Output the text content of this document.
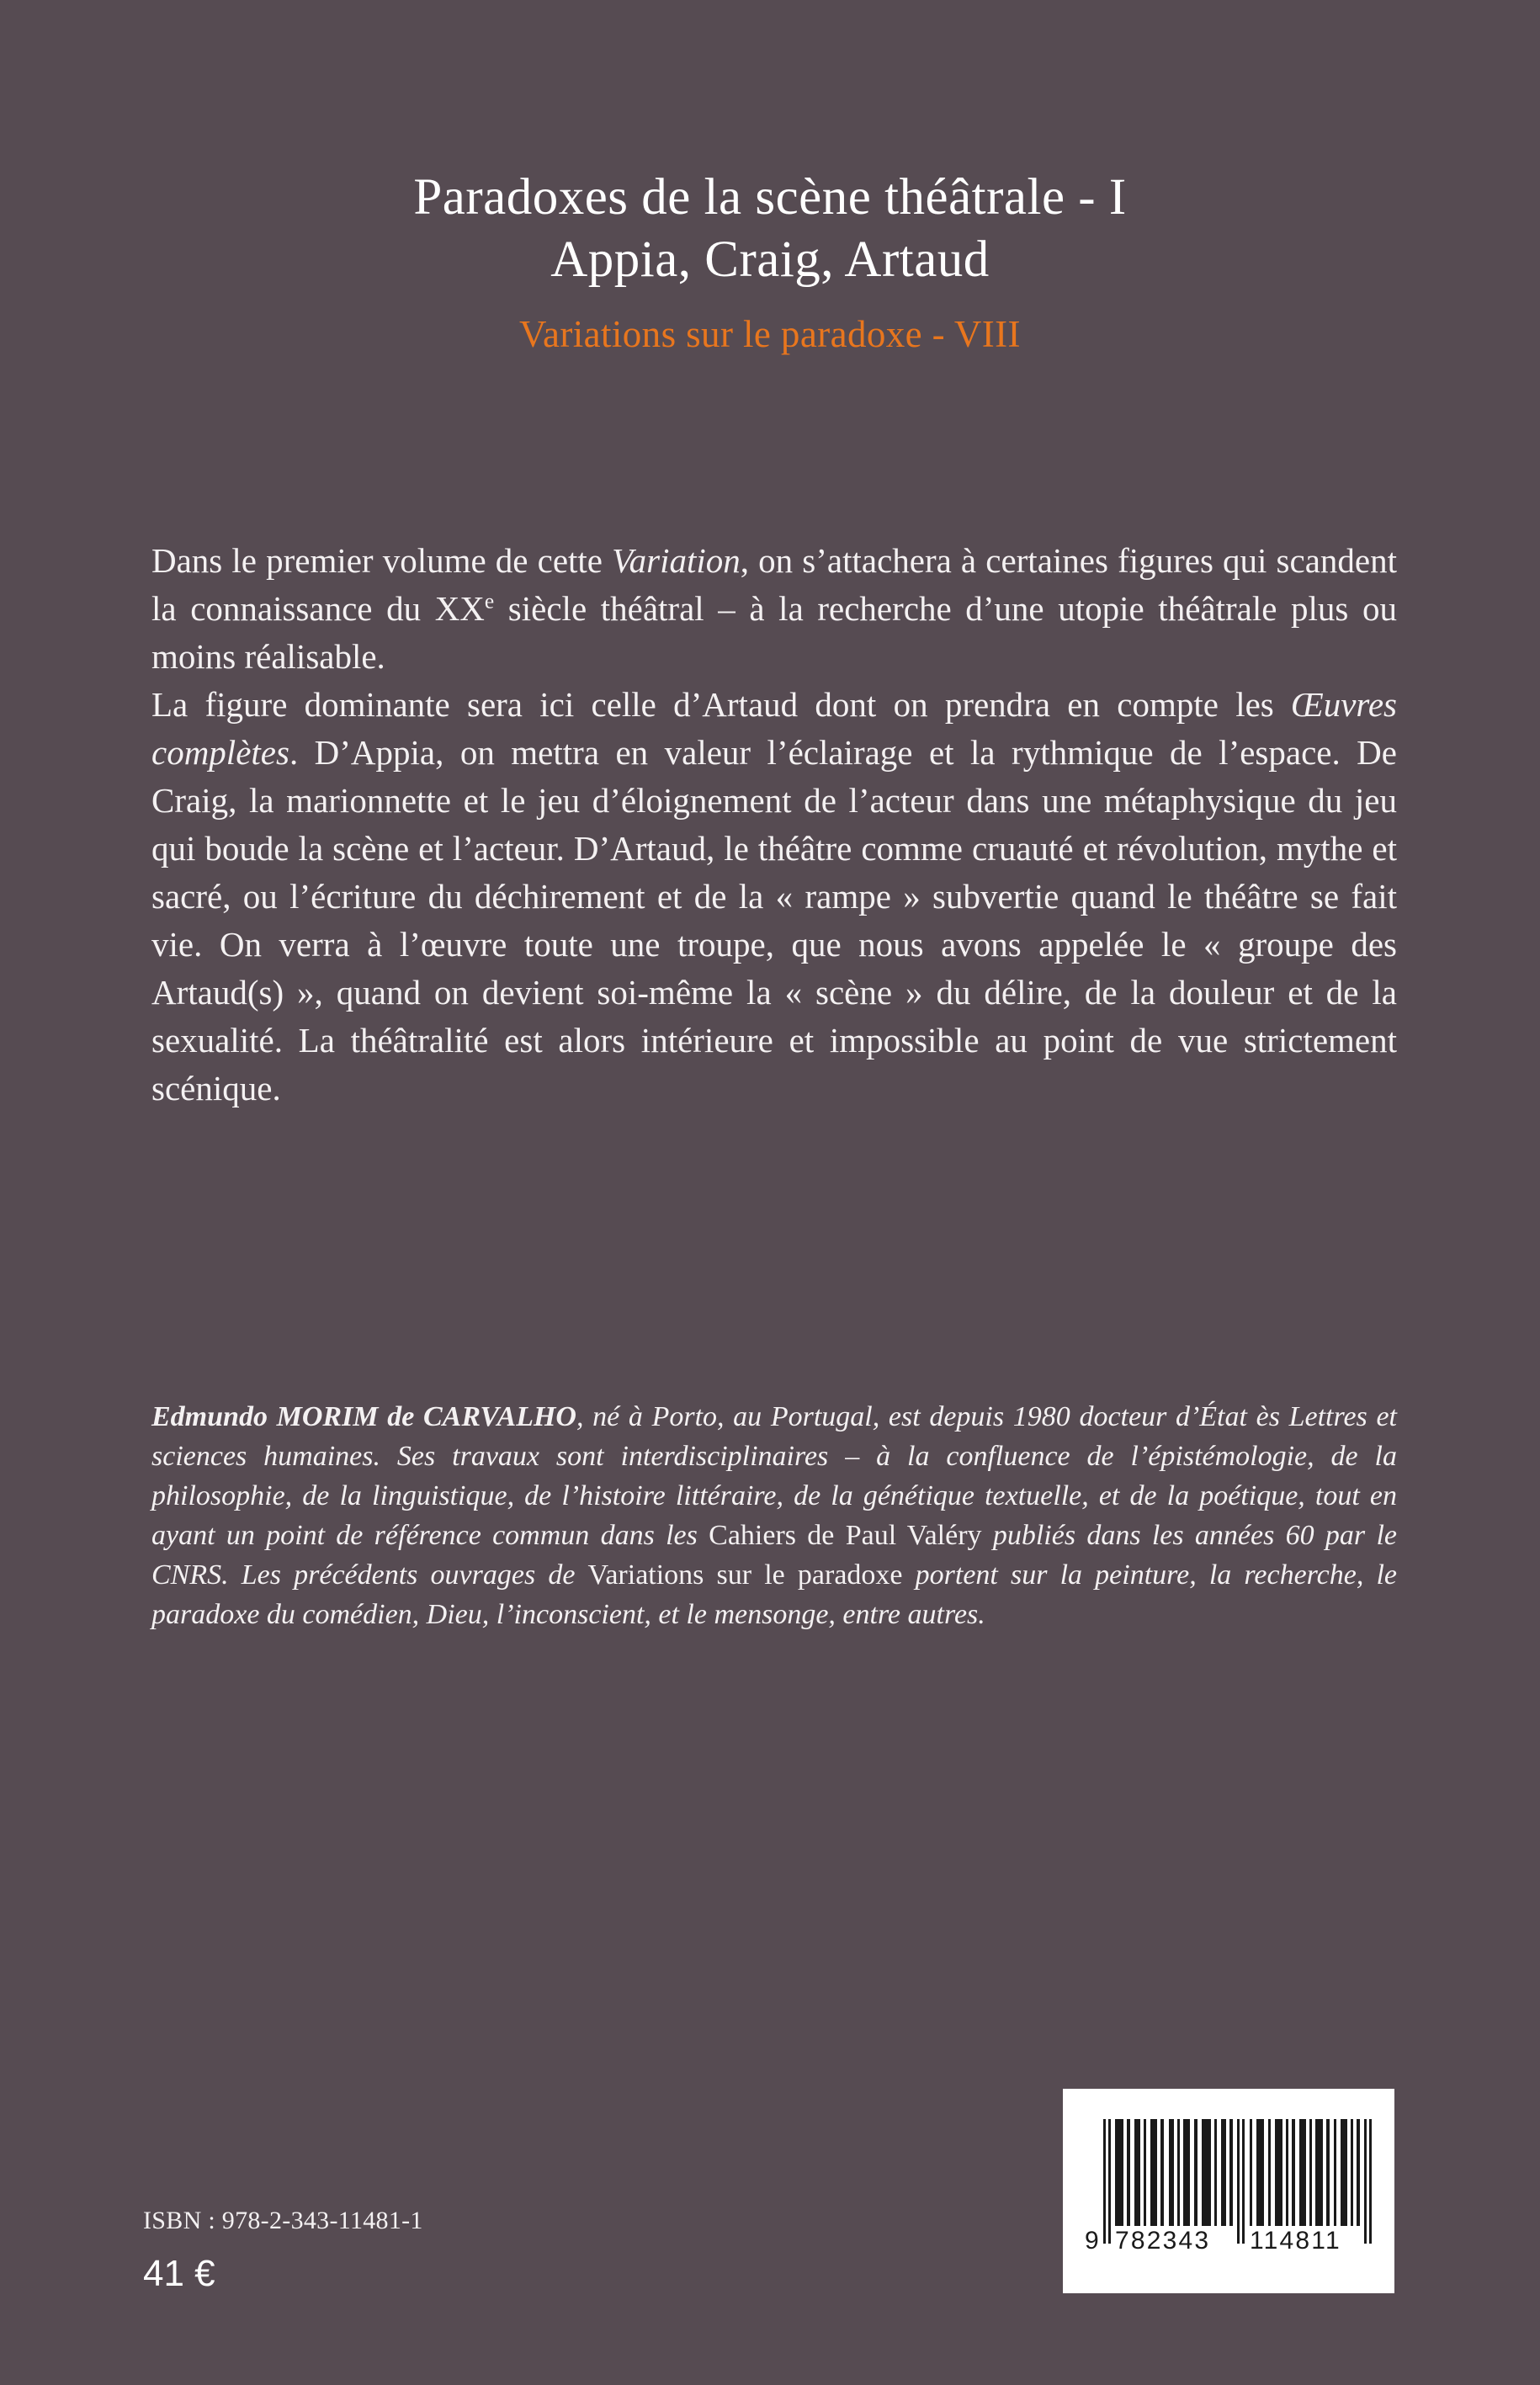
Paradoxes de la scène théâtrale - I
Appia, Craig, Artaud
Variations sur le paradoxe - VIII

Dans le premier volume de cette Variation, on s’attachera à certaines figures qui scandent la connaissance du XXe siècle théâtral – à la recherche d’une utopie théâtrale plus ou moins réalisable.

La figure dominante sera ici celle d’Artaud dont on prendra en compte les Œuvres complètes. D’Appia, on mettra en valeur l’éclairage et la rythmique de l’espace. De Craig, la marionnette et le jeu d’éloignement de l’acteur dans une métaphysique du jeu qui boude la scène et l’acteur. D’Artaud, le théâtre comme cruauté et révolution, mythe et sacré, ou l’écriture du déchirement et de la « rampe » subvertie quand le théâtre se fait vie. On verra à l’œuvre toute une troupe, que nous avons appelée le « groupe des Artaud(s) », quand on devient soi-même la « scène » du délire, de la douleur et de la sexualité. La théâtralité est alors intérieure et impossible au point de vue strictement scénique.

Edmundo MORIM de CARVALHO, né à Porto, au Portugal, est depuis 1980 docteur d’État ès Lettres et sciences humaines. Ses travaux sont interdisciplinaires – à la confluence de l’épistémologie, de la philosophie, de la linguistique, de l’histoire littéraire, de la génétique textuelle, et de la poétique, tout en ayant un point de référence commun dans les Cahiers de Paul Valéry publiés dans les années 60 par le CNRS. Les précédents ouvrages de Variations sur le paradoxe portent sur la peinture, la recherche, le paradoxe du comédien, Dieu, l’inconscient, et le mensonge, entre autres.
ISBN : 978-2-343-11481-1
41 €
9 782343 114811
